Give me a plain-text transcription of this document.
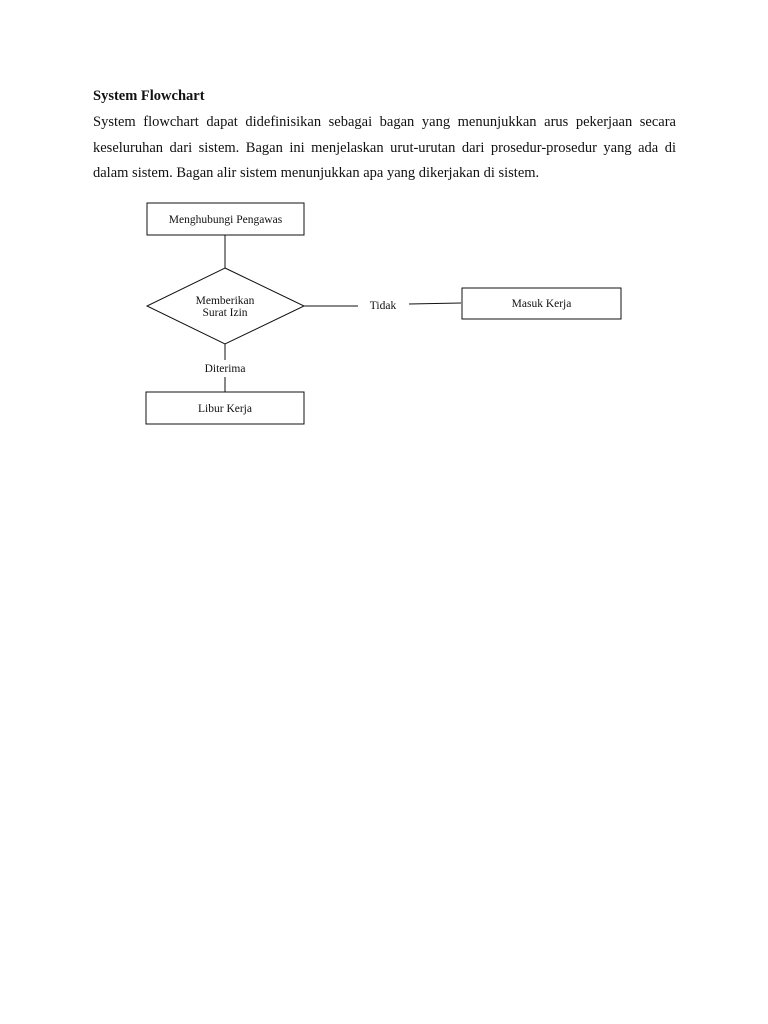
System Flowchart

System flowchart dapat didefinisikan sebagai bagan yang menunjukkan arus pekerjaan secara keseluruhan dari sistem. Bagan ini menjelaskan urut-urutan dari prosedur-prosedur yang ada di dalam sistem. Bagan alir sistem menunjukkan apa yang dikerjakan di sistem.

Menghubungi Pengawas
Memberikan
Surat Izin
Tidak
Diterima
Masuk Kerja
Libur Kerja
